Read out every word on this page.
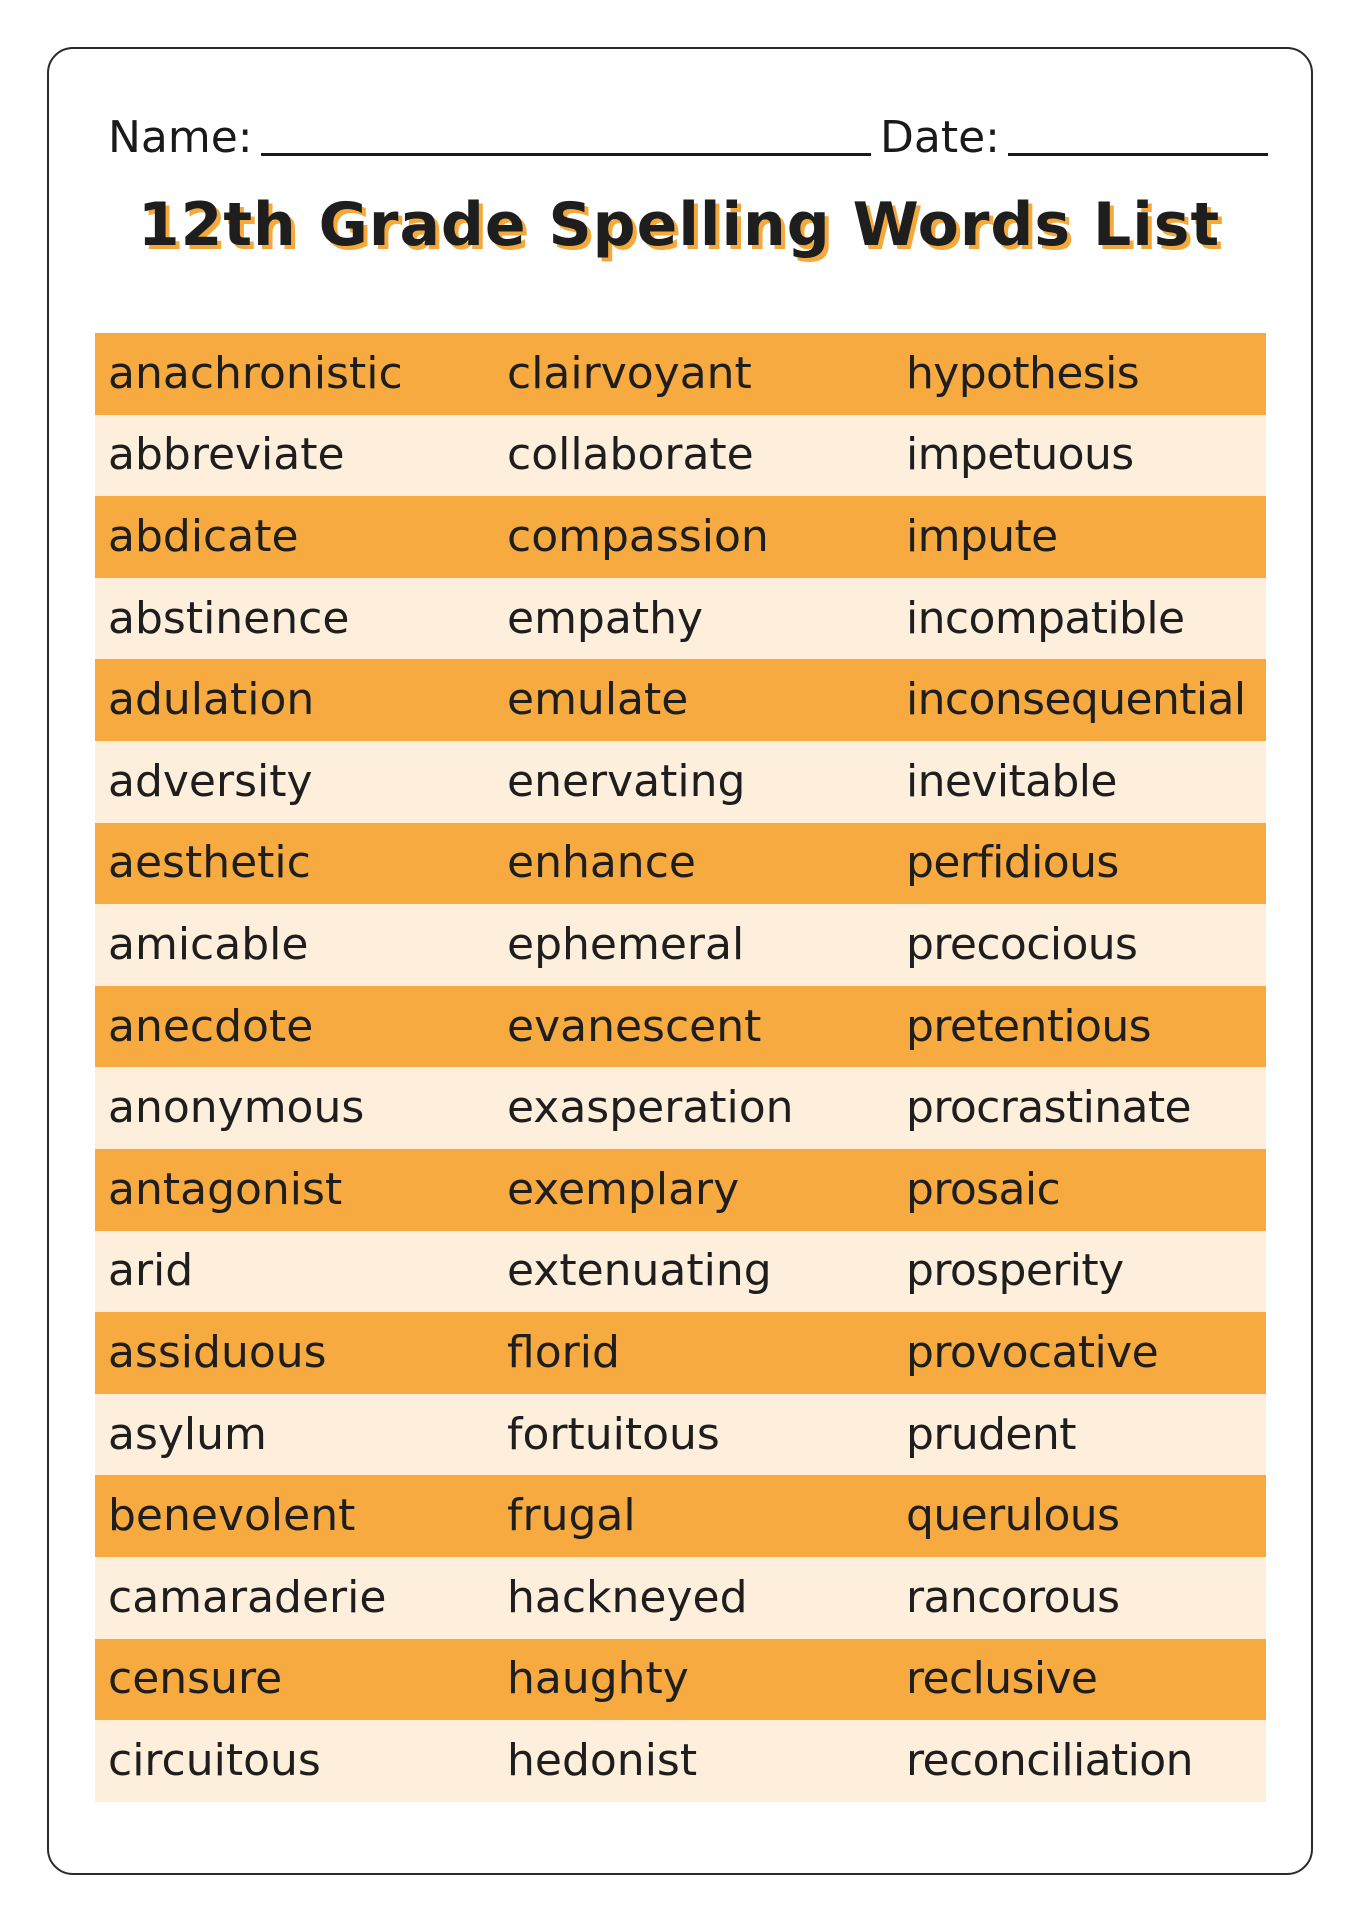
Name:	Date:
12th Grade Spelling Words List
anachronistic	clairvoyant	hypothesis
abbreviate	collaborate	impetuous
abdicate	compassion	impute
abstinence	empathy	incompatible
adulation	emulate	inconsequential
adversity	enervating	inevitable
aesthetic	enhance	perfidious
amicable	ephemeral	precocious
anecdote	evanescent	pretentious
anonymous	exasperation	procrastinate
antagonist	exemplary	prosaic
arid	extenuating	prosperity
assiduous	florid	provocative
asylum	fortuitous	prudent
benevolent	frugal	querulous
camaraderie	hackneyed	rancorous
censure	haughty	reclusive
circuitous	hedonist	reconciliation
